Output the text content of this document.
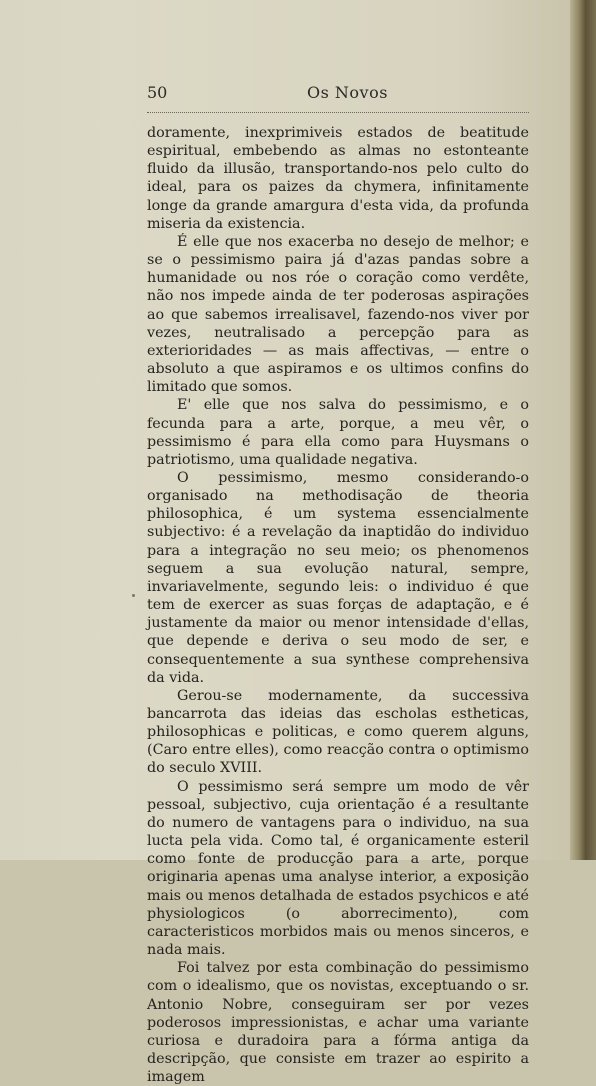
50	Os Novos

doramente, inexprimiveis estados de beatitude espiritual, embebendo as almas no estonteante fluido da illusão, transportando-nos pelo culto do ideal, para os paizes da chymera, infinitamente longe da grande amargura d'esta vida, da profunda miseria da existencia.

É elle que nos exacerba no desejo de melhor; e se o pessimismo paira já d'azas pandas sobre a humanidade ou nos róe o coração como verdête, não nos impede ainda de ter poderosas aspirações ao que sabemos irrealisavel, fazendo-nos viver por vezes, neutralisado a percepção para as exterioridades — as mais affectivas, — entre o absoluto a que aspiramos e os ultimos confins do limitado que somos.

E' elle que nos salva do pessimismo, e o fecunda para a arte, porque, a meu vêr, o pessimismo é para ella como para Huysmans o patriotismo, uma qualidade negativa.

O pessimismo, mesmo considerando-o organisado na methodisação de theoria philosophica, é um systema essencialmente subjectivo: é a revelação da inaptidão do individuo para a integração no seu meio; os phenomenos seguem a sua evolução natural, sempre, invariavelmente, segundo leis: o individuo é que tem de exercer as suas forças de adaptação, e é justamente da maior ou menor intensidade d'ellas, que depende e deriva o seu modo de ser, e consequentemente a sua synthese comprehensiva da vida.

Gerou-se modernamente, da successiva bancarrota das ideias das escholas estheticas, philosophicas e politicas, e como querem alguns, (Caro entre elles), como reacção contra o optimismo do seculo XVIII.

O pessimismo será sempre um modo de vêr pessoal, subjectivo, cuja orientação é a resultante do numero de vantagens para o individuo, na sua lucta pela vida. Como tal, é organicamente esteril como fonte de producção para a arte, porque originaria apenas uma analyse interior, a exposição mais ou menos detalhada de estados psychicos e até physiologicos (o aborrecimento), com caracteristicos morbidos mais ou menos sinceros, e nada mais.

Foi talvez por esta combinação do pessimismo com o idealismo, que os novistas, exceptuando o sr. Antonio Nobre, conseguiram ser por vezes poderosos impressionistas, e achar uma variante curiosa e duradoira para a fórma antiga da descripção, que consiste em trazer ao espirito a imagem
